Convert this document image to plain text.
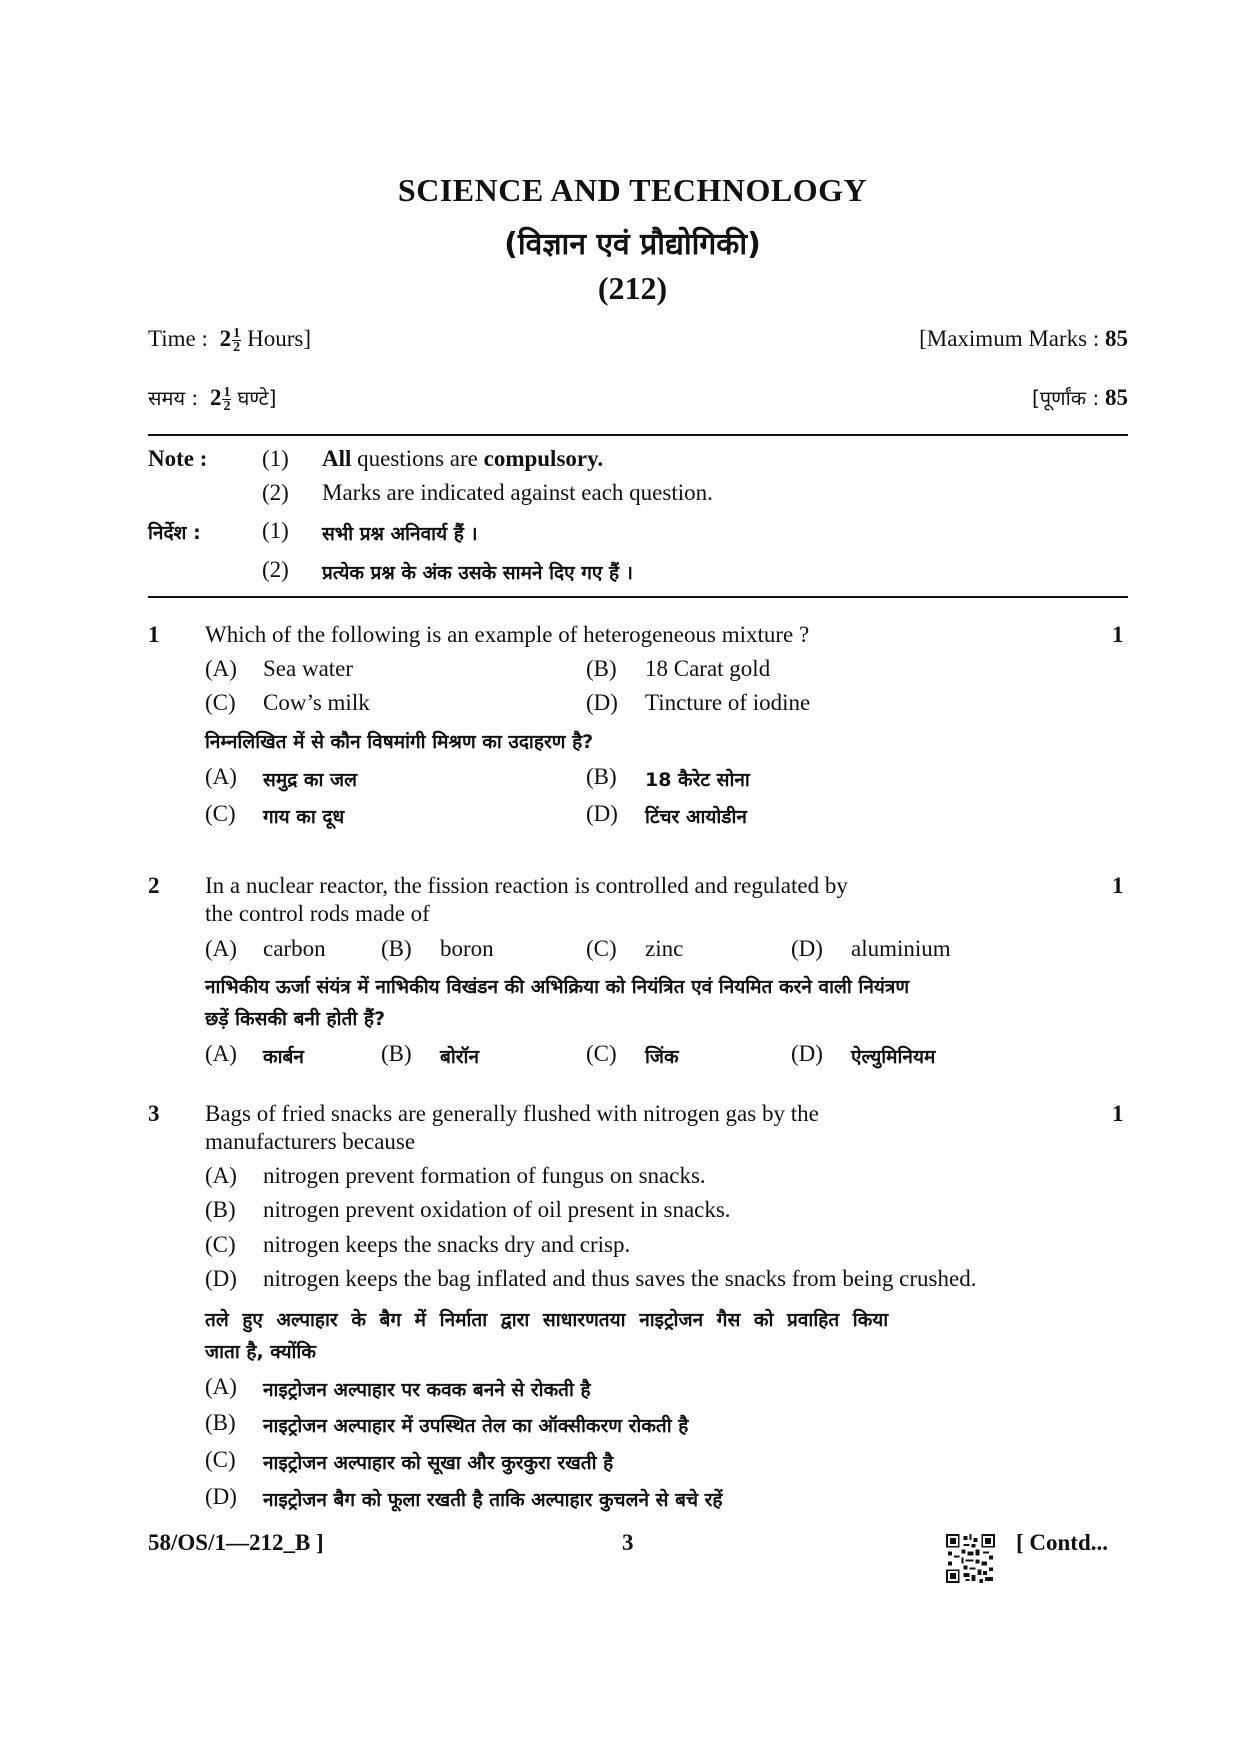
SCIENCE AND TECHNOLOGY
(विज्ञान एवं प्रौद्योगिकी)
(212)
Time : $2 \frac{1}{2}$ Hours]	[Maximum Marks : 85
समय : $2 \frac{1}{2}$ घण्टे]	[पूर्णांक : 85
Note : (1) All questions are compulsory.
(2) Marks are indicated against each question.
निर्देश :	(1) सभी प्रश्न अनिवार्य हैं ।
(2) प्रत्येक प्रश्न के अंक उसके सामने दिए गए हैं ।
1 Which of the following is an example of heterogeneous mixture ?	1
(A) Sea water	(B) 18 Carat gold
(C) Cow’s milk	(D) Tincture of iodine
निम्नलिखित में से कौन विषमांगी मिश्रण का उदाहरण है?
(A) समुद्र का जल	(B) 18 कैरेट सोना
(C) गाय का दूध	(D) टिंचर आयोडीन
2 In a nuclear reactor, the fission reaction is controlled and regulated by
the control rods made of
1
(A) carbon (B) boron	(C) zinc	(D) aluminium
नाभिकीय ऊर्जा संयंत्र में नाभिकीय विखंडन की अभिक्रिया को नियंत्रित एवं नियमित करने वाली नियंत्रण
छड़ें किसकी बनी होती हैं?
(A) कार्बन	(B) बोरॉन	(C) जिंक	(D) ऐल्युमिनियम
3 Bags of fried snacks are generally flushed with nitrogen gas by the
manufacturers because
1
(A) nitrogen prevent formation of fungus on snacks.
(B) nitrogen prevent oxidation of oil present in snacks.
(C) nitrogen keeps the snacks dry and crisp.
(D) nitrogen keeps the bag inflated and thus saves the snacks from being crushed.
तले हुए अल्पाहार के बैग में निर्माता द्वारा साधारणतया नाइट्रोजन गैस को प्रवाहित किया
जाता है, क्योंकि
(A) नाइट्रोजन अल्पाहार पर कवक बनने से रोकती है
(B) नाइट्रोजन अल्पाहार में उपस्थित तेल का ऑक्सीकरण रोकती है
(C) नाइट्रोजन अल्पाहार को सूखा और कुरकुरा रखती है
(D) नाइट्रोजन बैग को फूला रखती है ताकि अल्पाहार कुचलने से बचे रहें
58/OS/1—212_B ]	3	[ Contd...
